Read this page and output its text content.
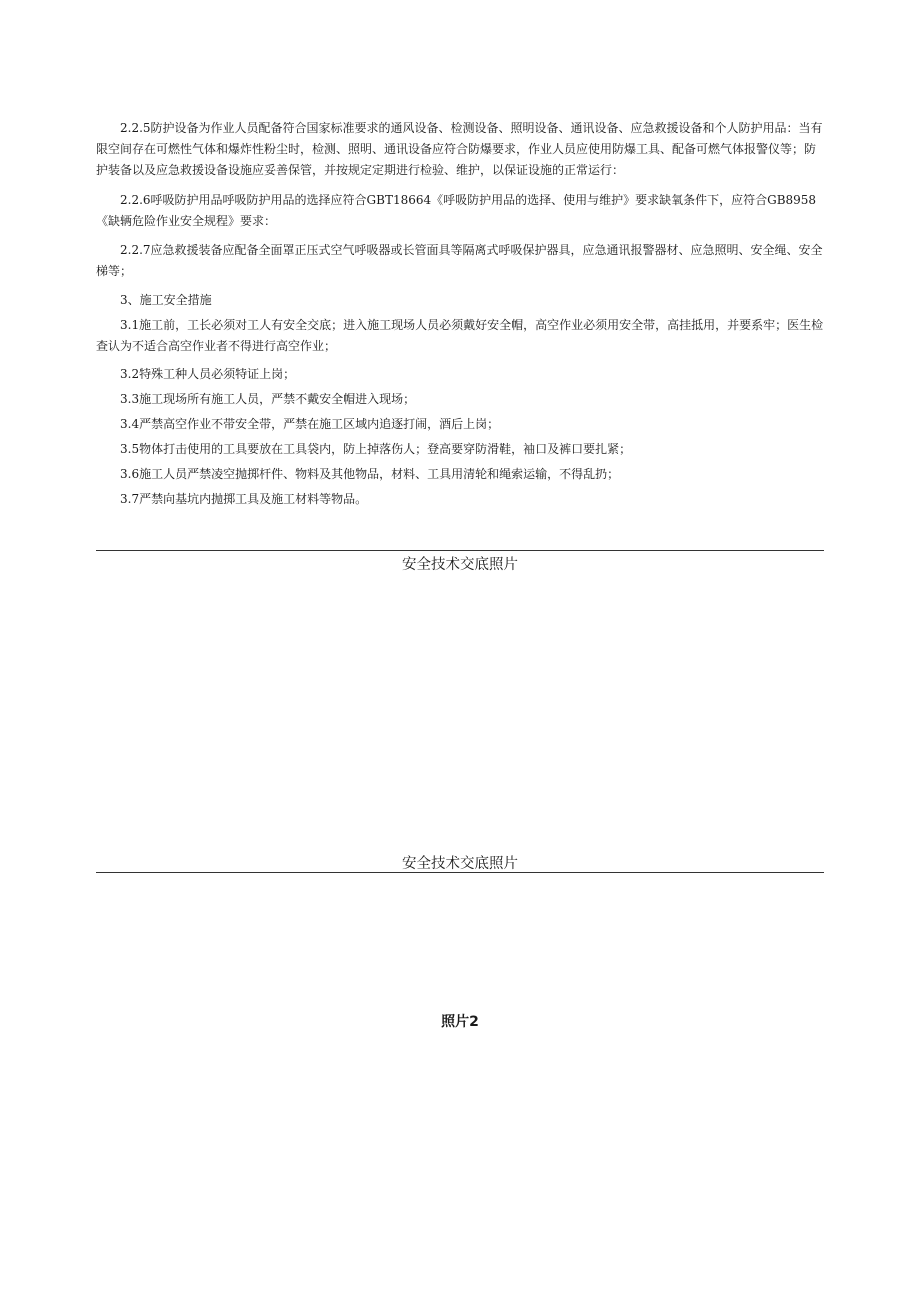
2.2.5防护设备为作业人员配备符合国家标准要求的通风设备、检测设备、照明设备、通讯设备、应急救援设备和个人防护用品：当有限空间存在可燃性气体和爆炸性粉尘时，检测、照明、通讯设备应符合防爆要求，作业人员应使用防爆工具、配备可燃气体报警仪等；防护装备以及应急救援设备设施应妥善保管，并按规定定期进行检验、维护，以保证设施的正常运行：

2.2.6呼吸防护用品呼吸防护用品的选择应符合GBT18664《呼吸防护用品的选择、使用与维护》要求缺氧条件下，应符合GB8958《缺辆危险作业安全规程》要求：

2.2.7应急救援装备应配备全面罩正压式空气呼吸器或长管面具等隔离式呼吸保护器具，应急通讯报警器材、应急照明、安全绳、安全梯等；

3、施工安全措施

3.1施工前，工长必须对工人有安全交底；进入施工现场人员必须戴好安全帽，高空作业必须用安全带，高挂抵用，并要系牢；医生检查认为不适合高空作业者不得进行高空作业；

3.2特殊工种人员必须特证上岗；

3.3施工现场所有施工人员，严禁不戴安全帽进入现场；

3.4严禁高空作业不带安全带，严禁在施工区域内追逐打闹，酒后上岗；

3.5物体打击使用的工具要放在工具袋内，防上掉落伤人；登高要穿防滑鞋，袖口及裤口要扎紧；

3.6施工人员严禁凌空抛掷杆件、物料及其他物品，材料、工具用清轮和绳索运输，不得乱扔；

3.7严禁向基坑内抛掷工具及施工材料等物品。

安全技术交底照片

安全技术交底照片

照片2
